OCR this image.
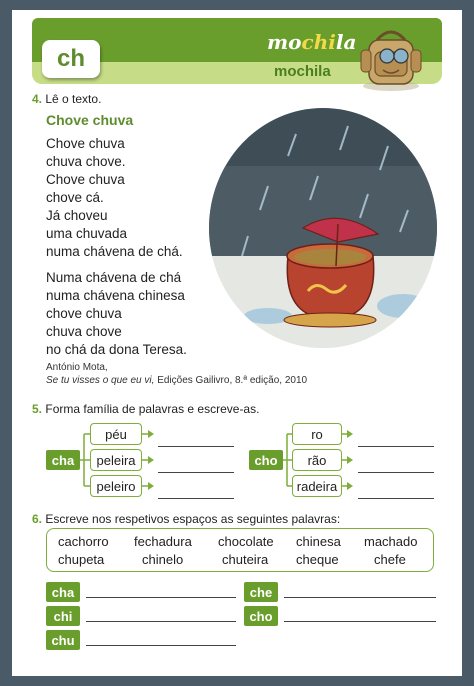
ch
mochila
mochila
4. Lê o texto.
Chove chuva
Chove chuva
chuva chove.
Chove chuva
chove cá.
Já choveu
uma chuvada
numa chávena de chá.
Numa chávena de chá
numa chávena chinesa
chove chuva
chuva chove
no chá da dona Teresa.
António Mota,
Se tu visses o que eu vi, Edições Gailivro, 8.ª edição, 2010
5. Forma família de palavras e escreve-as.
cha
péu
peleira
peleiro
cho
ro
rão
radeira
6. Escreve nos respetivos espaços as seguintes palavras:
cachorro fechadura chocolate chinesa machado
chupeta	chinelo	chuteira cheque	chefe
cha	che
chi	cho
chu
